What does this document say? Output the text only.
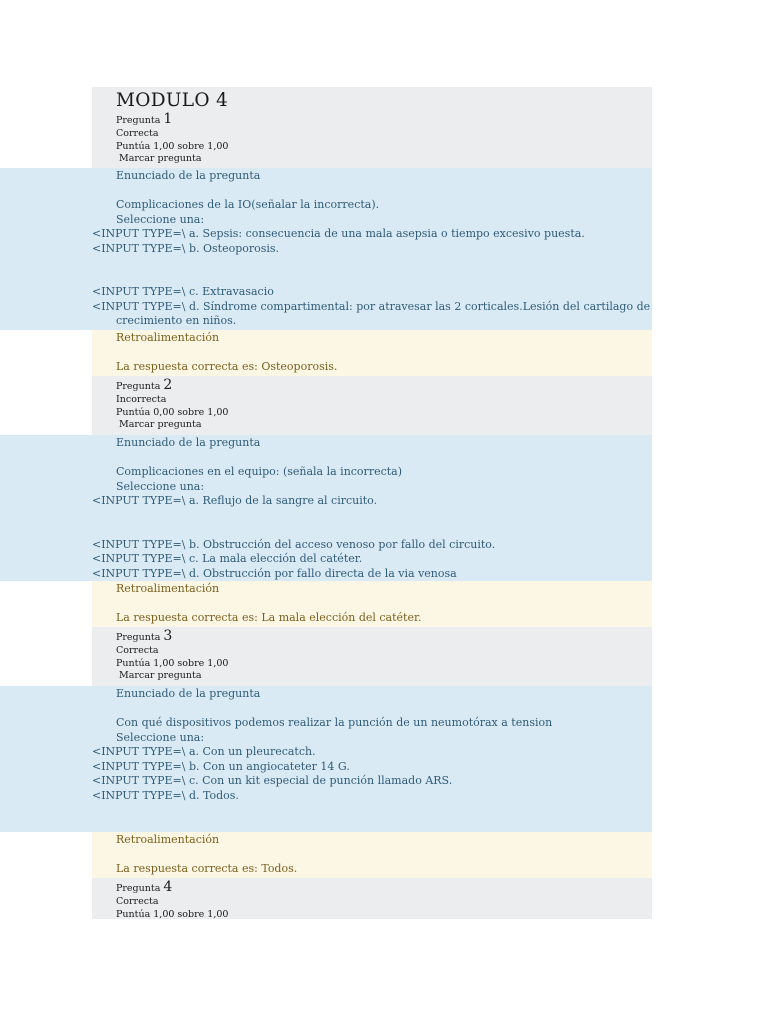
MODULO 4
Pregunta 1
Correcta
Puntúa 1,00 sobre 1,00
Marcar pregunta
Enunciado de la pregunta
Complicaciones de la IO(señalar la incorrecta).
Seleccione una:
<INPUT TYPE=\ a. Sepsis: consecuencia de una mala asepsia o tiempo excesivo puesta.
<INPUT TYPE=\ b. Osteoporosis.
<INPUT TYPE=\ c. Extravasacio
<INPUT TYPE=\ d. Síndrome compartimental: por atravesar las 2 corticales.Lesión del cartilago de
crecimiento en niños.
Retroalimentación
La respuesta correcta es: Osteoporosis.
Pregunta 2
Incorrecta
Puntúa 0,00 sobre 1,00
Marcar pregunta
Enunciado de la pregunta
Complicaciones en el equipo: (señala la incorrecta)
Seleccione una:
<INPUT TYPE=\ a. Reflujo de la sangre al circuito.
<INPUT TYPE=\ b. Obstrucción del acceso venoso por fallo del circuito.
<INPUT TYPE=\ c. La mala elección del catéter.
<INPUT TYPE=\ d. Obstrucción por fallo directa de la via venosa
Retroalimentación
La respuesta correcta es: La mala elección del catéter.
Pregunta 3
Correcta
Puntúa 1,00 sobre 1,00
Marcar pregunta
Enunciado de la pregunta
Con qué dispositivos podemos realizar la punción de un neumotórax a tension
Seleccione una:
<INPUT TYPE=\ a. Con un pleurecatch.
<INPUT TYPE=\ b. Con un angiocateter 14 G.
<INPUT TYPE=\ c. Con un kit especial de punción llamado ARS.
<INPUT TYPE=\ d. Todos.
Retroalimentación
La respuesta correcta es: Todos.
Pregunta 4
Correcta
Puntúa 1,00 sobre 1,00
